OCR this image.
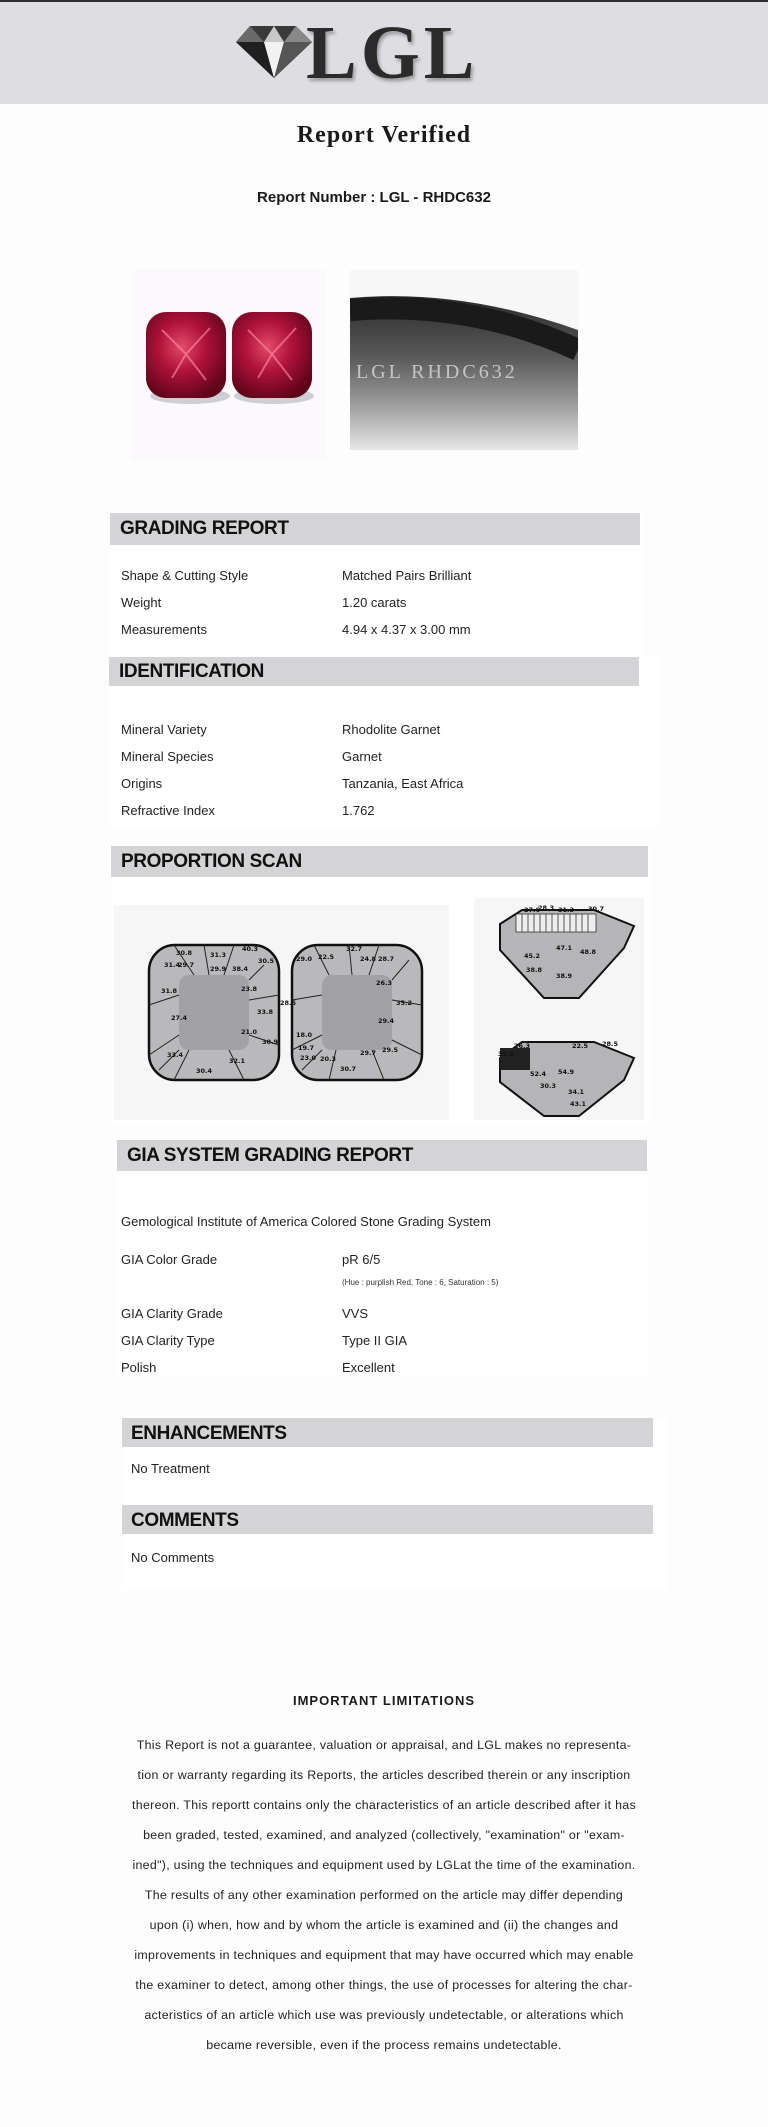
LGL
Report Verified
Report Number : LGL - RHDC632
LGL RHDC632
GRADING REPORT
Shape & Cutting Style	Matched Pairs Brilliant
Weight	1.20 carats
Measurements	4.94 x 4.37 x 3.00 mm
IDENTIFICATION
Mineral Variety	Rhodolite Garnet
Mineral Species	Garnet
Origins	Tanzania, East Africa
Refractive Index	1.762
PROPORTION SCAN
30.8	31.3
40.3
30.5
31.4
29.7 29.9 38.4
31.8	23.8
27.4
33.8
21.0
30.9
33.4
32.1
30.4
32.7
29.0 22.5	24.8 28.7
28.5
26.3
35.2
29.4
18.0
19.7
23.0 20.3
29.7 29.5
30.7
27.6
28.3 31.3 30.7
47.1 48.8
38.8
38.9
45.2
26.3	22.5 28.5
35.2
54.9
34.1
52.4
30.3
43.1
GIA SYSTEM GRADING REPORT
Gemological Institute of America Colored Stone Grading System
GIA Color Grade	pR 6/5
(Hue : purplish Red, Tone : 6, Saturation : 5)
GIA Clarity Grade	VVS
GIA Clarity Type	Type II GIA
Polish	Excellent
ENHANCEMENTS
No Treatment
COMMENTS
No Comments
IMPORTANT LIMITATIONS
This Report is not a guarantee, valuation or appraisal, and LGL makes no representa-
tion or warranty regarding its Reports, the articles described therein or any inscription
thereon. This reportt contains only the characteristics of an article described after it has
been graded, tested, examined, and analyzed (collectively, "examination" or "exam-
ined"), using the techniques and equipment used by LGLat the time of the examination.
The results of any other examination performed on the article may differ depending
upon (i) when, how and by whom the article is examined and (ii) the changes and
improvements in techniques and equipment that may have occurred which may enable
the examiner to detect, among other things, the use of processes for altering the char-
acteristics of an article which use was previously undetectable, or alterations which
became reversible, even if the process remains undetectable.
